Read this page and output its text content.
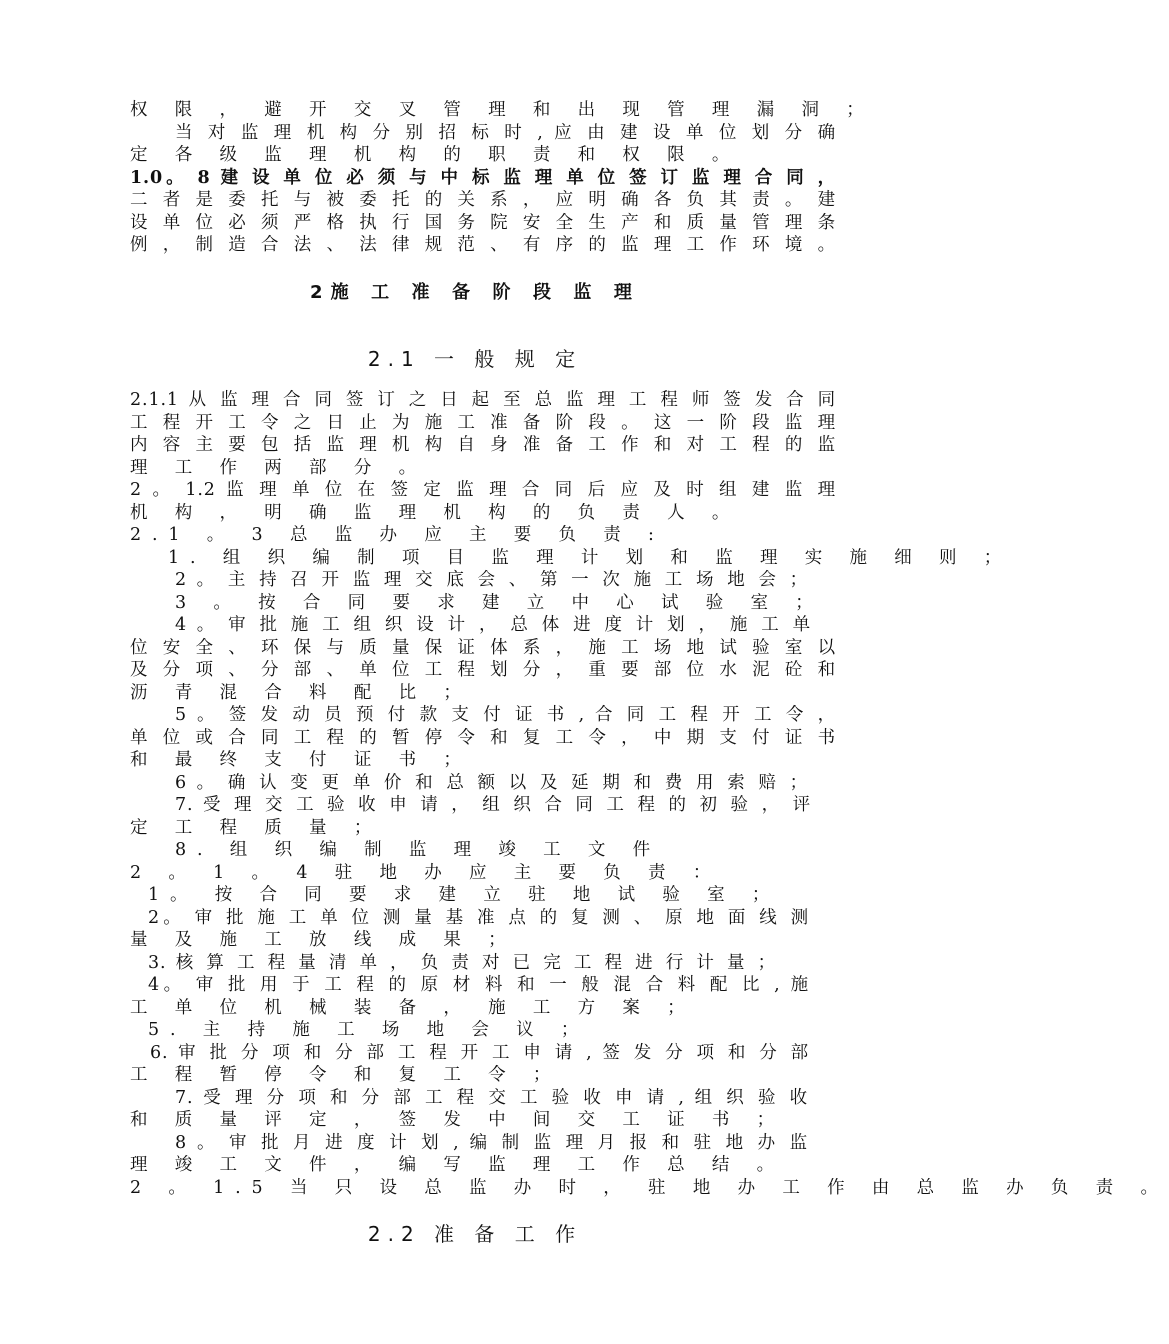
权 限 ， 避 开 交 叉 管 理 和 出 现 管 理 漏 洞 ；
当 对 监 理 机 构 分 别 招 标 时 , 应 由 建 设 单 位 划 分 确
定 各 级 监 理 机 构 的 职 责 和 权 限 。
1.0。 8 建 设 单 位 必 须 与 中 标 监 理 单 位 签 订 监 理 合 同 ，
二 者 是 委 托 与 被 委 托 的 关 系 ， 应 明 确 各 负 其 责 。 建
设 单 位 必 须 严 格 执 行 国 务 院 安 全 生 产 和 质 量 管 理 条
例 ， 制 造 合 法 、 法 律 规 范 、 有 序 的 监 理 工 作 环 境 。
2施 工 准 备 阶 段 监 理
2.1 一 般 规 定
2.1.1 从 监 理 合 同 签 订 之 日 起 至 总 监 理 工 程 师 签 发 合 同
工 程 开 工 令 之 日 止 为 施 工 准 备 阶 段 。 这 一 阶 段 监 理
内 容 主 要 包 括 监 理 机 构 自 身 准 备 工 作 和 对 工 程 的 监
理 工 作 两 部 分 。
2 。 1.2 监 理 单 位 在 签 定 监 理 合 同 后 应 及 时 组 建 监 理
机 构 ， 明 确 监 理 机 构 的 负 责 人 。
2.1 。 3 总 监 办 应 主 要 负 责 :
1. 组 织 编 制 项 目 监 理 计 划 和 监 理 实 施 细 则 ；
2 。 主 持 召 开 监 理 交 底 会 、 第 一 次 施 工 场 地 会 ；
3 。 按 合 同 要 求 建 立 中 心 试 验 室 ；
4 。 审 批 施 工 组 织 设 计 ， 总 体 进 度 计 划 ， 施 工 单
位 安 全 、 环 保 与 质 量 保 证 体 系 ， 施 工 场 地 试 验 室 以
及 分 项 、 分 部 、 单 位 工 程 划 分 ， 重 要 部 位 水 泥 砼 和
沥 青 混 合 料 配 比 ；
5 。 签 发 动 员 预 付 款 支 付 证 书 , 合 同 工 程 开 工 令 ，
单 位 或 合 同 工 程 的 暂 停 令 和 复 工 令 ， 中 期 支 付 证 书
和 最 终 支 付 证 书 ；
6 。 确 认 变 更 单 价 和 总 额 以 及 延 期 和 费 用 索 赔 ；
7. 受 理 交 工 验 收 申 请 ， 组 织 合 同 工 程 的 初 验 ， 评
定 工 程 质 量 ；
8. 组 织 编 制 监 理 竣 工 文 件
2 。 1 。 4 驻 地 办 应 主 要 负 责 ：
1。 按 合 同 要 求 建 立 驻 地 试 验 室 ；
2。 审 批 施 工 单 位 测 量 基 准 点 的 复 测 、 原 地 面 线 测
量 及 施 工 放 线 成 果 ；
3. 核 算 工 程 量 清 单 ， 负 责 对 已 完 工 程 进 行 计 量 ；
4。 审 批 用 于 工 程 的 原 材 料 和 一 般 混 合 料 配 比 , 施
工 单 位 机 械 装 备 ， 施 工 方 案 ；
5. 主 持 施 工 场 地 会 议 ；
6. 审 批 分 项 和 分 部 工 程 开 工 申 请 , 签 发 分 项 和 分 部
工 程 暂 停 令 和 复 工 令 ；
7. 受 理 分 项 和 分 部 工 程 交 工 验 收 申 请 , 组 织 验 收
和 质 量 评 定 ， 签 发 中 间 交 工 证 书 ；
8 。 审 批 月 进 度 计 划 , 编 制 监 理 月 报 和 驻 地 办 监
理 竣 工 文 件 ， 编 写 监 理 工 作 总 结 。
2 。 1.5 当 只 设 总 监 办 时 ， 驻 地 办 工 作 由 总 监 办 负 责 。
2.2 准 备 工 作
